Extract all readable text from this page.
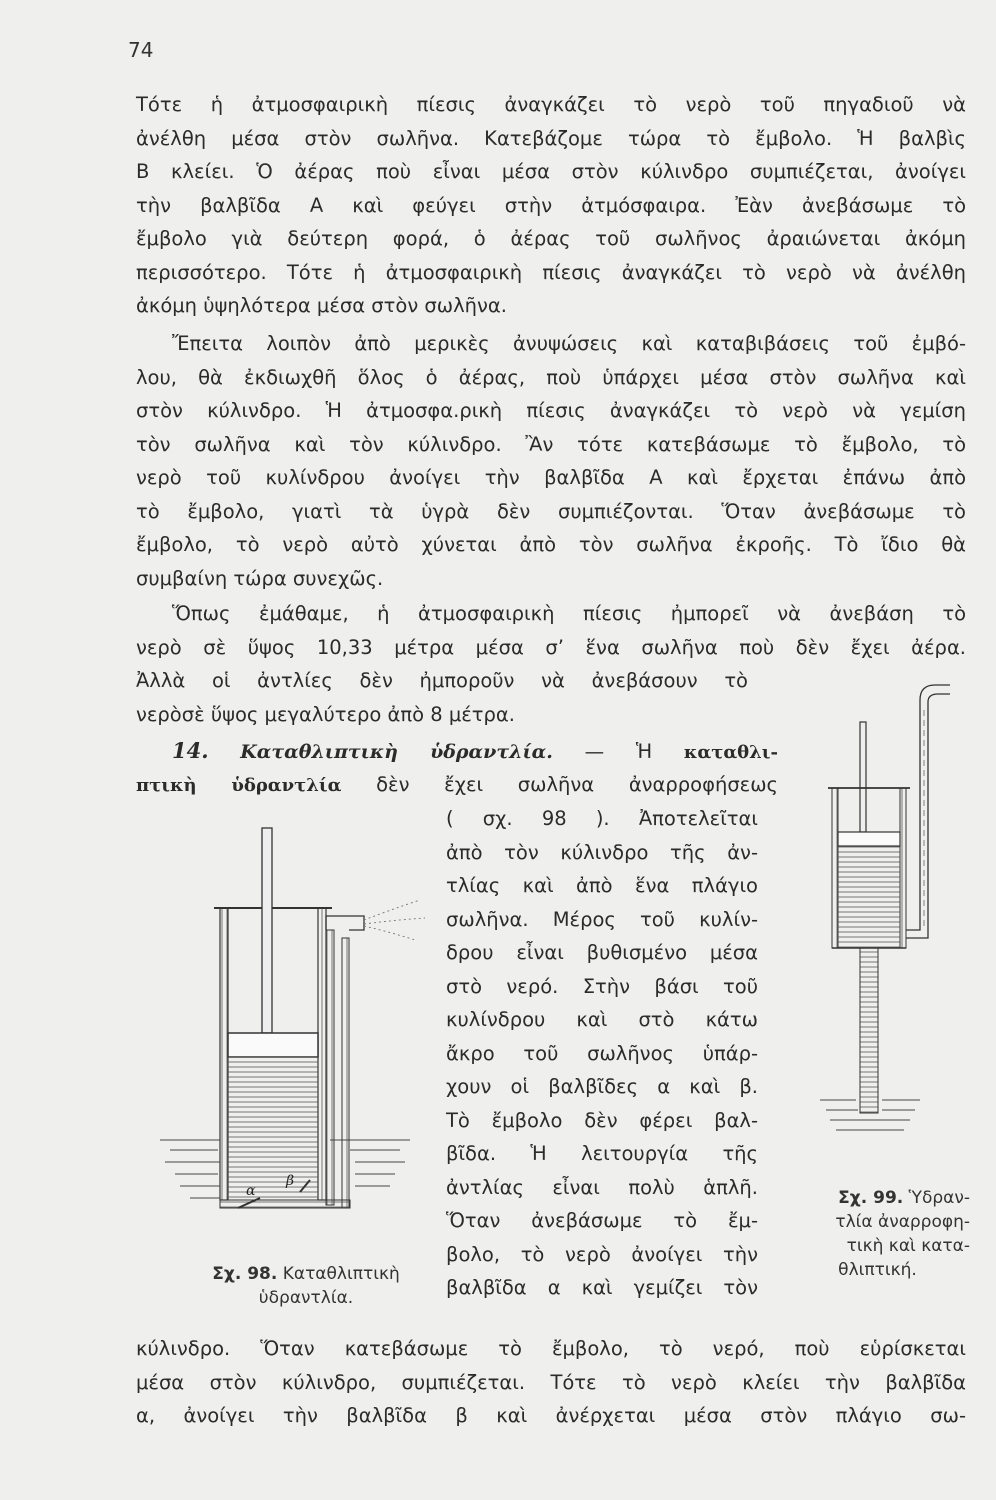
74
Τότε ἡ ἀτμοσφαιρικὴ πίεσις ἀναγκάζει τὸ νερὸ τοῦ πηγαδιοῦ νὰ
ἀνέλθη μέσα στὸν σωλῆνα. Κατεβάζομε τώρα τὸ ἔμβολο. Ἡ βαλβὶς
Β κλείει. Ὁ ἀέρας ποὺ εἶναι μέσα στὸν κύλινδρο συμπιέζεται, ἀνοίγει
τὴν βαλβῖδα Α καὶ φεύγει στὴν ἀτμόσφαιρα. Ἐὰν ἀνεβάσωμε τὸ
ἔμβολο γιὰ δεύτερη φορά, ὁ ἀέρας τοῦ σωλῆνος ἀραιώνεται ἀκόμη
περισσότερο. Τότε ἡ ἀτμοσφαιρικὴ πίεσις ἀναγκάζει τὸ νερὸ νὰ ἀνέλθη
ἀκόμη ὑψηλότερα μέσα στὸν σωλῆνα.
Ἔπειτα λοιπὸν ἀπὸ μερικὲς ἀνυψώσεις καὶ καταβιβάσεις τοῦ ἐμβό-
λου, θὰ ἐκδιωχθῆ ὅλος ὁ ἀέρας, ποὺ ὑπάρχει μέσα στὸν σωλῆνα καὶ
στὸν κύλινδρο. Ἡ ἀτμοσφα.ρικὴ πίεσις ἀναγκάζει τὸ νερὸ νὰ γεμίση
τὸν σωλῆνα καὶ τὸν κύλινδρο. Ἂν τότε κατεβάσωμε τὸ ἔμβολο, τὸ
νερὸ τοῦ κυλίνδρου ἀνοίγει τὴν βαλβῖδα Α καὶ ἔρχεται ἐπάνω ἀπὸ
τὸ ἔμβολο, γιατὶ τὰ ὑγρὰ δὲν συμπιέζονται. Ὅταν ἀνεβάσωμε τὸ
ἔμβολο, τὸ νερὸ αὐτὸ χύνεται ἀπὸ τὸν σωλῆνα ἐκροῆς. Τὸ ἴδιο θὰ
συμβαίνη τώρα συνεχῶς.
Ὅπως ἐμάθαμε, ἡ ἀτμοσφαιρικὴ πίεσις ἠμπορεῖ νὰ ἀνεβάση τὸ
νερὸ σὲ ὕψος 10,33 μέτρα μέσα σ’ ἕνα σωλῆνα ποὺ δὲν ἔχει ἀέρα.
Ἀλλὰ οἱ ἀντλίες δὲν ἠμποροῦν νὰ ἀνεβάσουν τὸ
νερὸσὲ ὕψος μεγαλύτερο ἀπὸ 8 μέτρα.
14. Καταθλιπτικὴ ὑδραντλία. — Ἡ καταθλι-
πτικὴ ὑδραντλία δὲν ἔχει σωλῆνα ἀναρροφήσεως
( σχ. 98 ). Ἀποτελεῖται
ἀπὸ τὸν κύλινδρο τῆς ἀν-
τλίας καὶ ἀπὸ ἕνα πλάγιο
σωλῆνα. Μέρος τοῦ κυλίν-
δρου εἶναι βυθισμένο μέσα
στὸ νερό. Στὴν βάσι τοῦ
κυλίνδρου καὶ στὸ κάτω
ἄκρο τοῦ σωλῆνος ὑπάρ-
χουν οἱ βαλβῖδες α καὶ β.
Τὸ ἔμβολο δὲν φέρει βαλ-
βῖδα. Ἡ λειτουργία τῆς
ἀντλίας εἶναι πολὺ ἁπλῆ.
Ὅταν ἀνεβάσωμε τὸ ἔμ-
βολο, τὸ νερὸ ἀνοίγει τὴν
βαλβῖδα α καὶ γεμίζει τὸν
κύλινδρο. Ὅταν κατεβάσωμε τὸ ἔμβολο, τὸ νερό, ποὺ εὑρίσκεται
μέσα στὸν κύλινδρο, συμπιέζεται. Τότε τὸ νερὸ κλείει τὴν βαλβῖδα
α, ἀνοίγει τὴν βαλβῖδα β καὶ ἀνέρχεται μέσα στὸν πλάγιο σω-
α
β
Σχ. 98. Καταθλιπτικὴ
ὑδραντλία.
Σχ. 99. Ὑδραν-
τλία ἀναρροφη-
τικὴ καὶ κατα-
θλιπτική.
